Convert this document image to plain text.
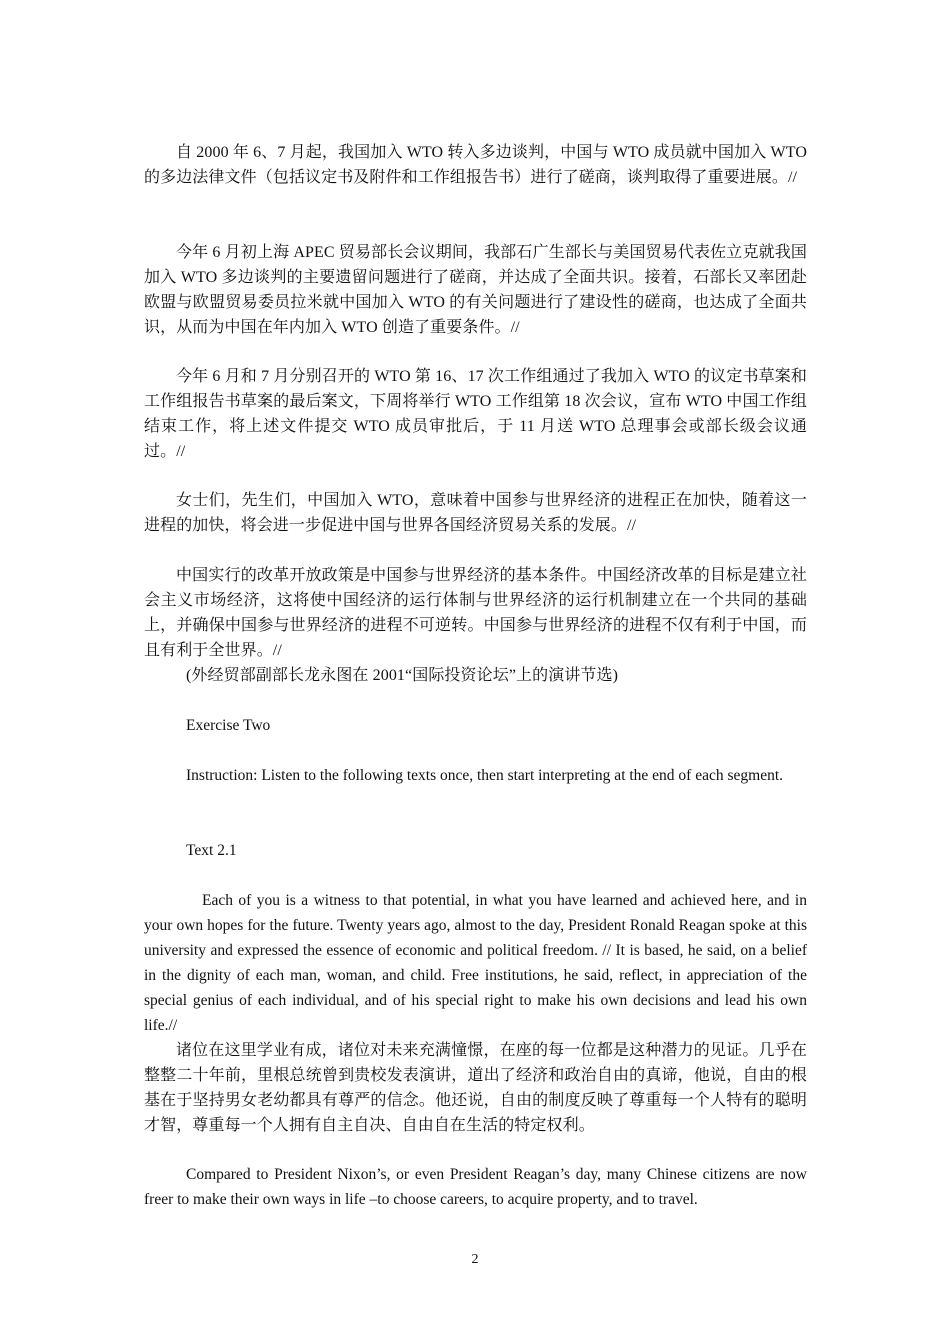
自 2000 年 6、7 月起，我国加入 WTO 转入多边谈判，中国与 WTO 成员就中国加入 WTO 的多边法律文件（包括议定书及附件和工作组报告书）进行了磋商，谈判取得了重要进展。//

今年 6 月初上海 APEC 贸易部长会议期间，我部石广生部长与美国贸易代表佐立克就我国加入 WTO 多边谈判的主要遗留问题进行了磋商，并达成了全面共识。接着，石部长又率团赴欧盟与欧盟贸易委员拉米就中国加入 WTO 的有关问题进行了建设性的磋商，也达成了全面共识，从而为中国在年内加入 WTO 创造了重要条件。//

今年 6 月和 7 月分别召开的 WTO 第 16、17 次工作组通过了我加入 WTO 的议定书草案和工作组报告书草案的最后案文，下周将举行 WTO 工作组第 18 次会议，宣布 WTO 中国工作组结束工作，将上述文件提交 WTO 成员审批后，于 11 月送 WTO 总理事会或部长级会议通过。//

女士们，先生们，中国加入 WTO，意味着中国参与世界经济的进程正在加快，随着这一进程的加快，将会进一步促进中国与世界各国经济贸易关系的发展。//

中国实行的改革开放政策是中国参与世界经济的基本条件。中国经济改革的目标是建立社会主义市场经济，这将使中国经济的运行体制与世界经济的运行机制建立在一个共同的基础上，并确保中国参与世界经济的进程不可逆转。中国参与世界经济的进程不仅有利于中国，而且有利于全世界。//

(外经贸部副部长龙永图在 2001“国际投资论坛”上的演讲节选)

Exercise Two

Instruction: Listen to the following texts once, then start interpreting at the end of each segment.

Text 2.1

Each of you is a witness to that potential, in what you have learned and achieved here, and in your own hopes for the future. Twenty years ago, almost to the day, President Ronald Reagan spoke at this university and expressed the essence of economic and political freedom. // It is based, he said, on a belief in the dignity of each man, woman, and child. Free institutions, he said, reflect, in appreciation of the special genius of each individual, and of his special right to make his own decisions and lead his own life.//

诸位在这里学业有成，诸位对未来充满憧憬，在座的每一位都是这种潜力的见证。几乎在整整二十年前，里根总统曾到贵校发表演讲，道出了经济和政治自由的真谛，他说，自由的根基在于坚持男女老幼都具有尊严的信念。他还说，自由的制度反映了尊重每一个人特有的聪明才智，尊重每一个人拥有自主自决、自由自在生活的特定权利。

Compared to President Nixon’s, or even President Reagan’s day, many Chinese citizens are now freer to make their own ways in life –to choose careers, to acquire property, and to travel.

2
